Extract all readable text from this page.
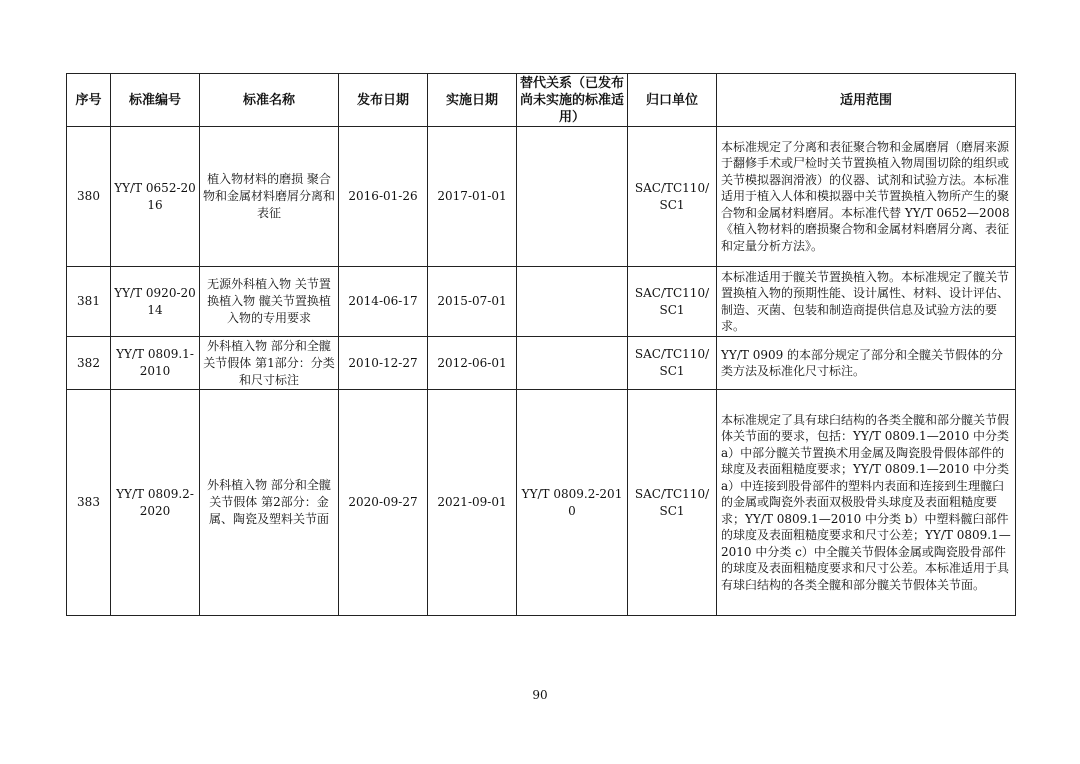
序号	标准编号	标准名称	发布日期	实施日期	替代关系（已发布尚未实施的标准适用）	归口单位	适用范围
380	YY/T 0652-2016	植入物材料的磨损 聚合物和金属材料磨屑分离和表征	2016-01-26	2017-01-01		SAC/TC110/SC1	本标准规定了分离和表征聚合物和金属磨屑（磨屑来源于翻修手术或尸检时关节置换植入物周围切除的组织或关节模拟器润滑液）的仪器、试剂和试验方法。本标准适用于植入人体和模拟器中关节置换植入物所产生的聚合物和金属材料磨屑。本标准代替 YY/T 0652—2008《植入物材料的磨损聚合物和金属材料磨屑分离、表征和定量分析方法》。
381	YY/T 0920-2014	无源外科植入物 关节置换植入物 髋关节置换植入物的专用要求	2014-06-17	2015-07-01		SAC/TC110/SC1	本标准适用于髋关节置换植入物。本标准规定了髋关节置换植入物的预期性能、设计属性、材料、设计评估、制造、灭菌、包装和制造商提供信息及试验方法的要求。
382	YY/T 0809.1-2010	外科植入物 部分和全髋关节假体 第1部分：分类和尺寸标注	2010-12-27	2012-06-01		SAC/TC110/SC1	YY/T 0909 的本部分规定了部分和全髋关节假体的分类方法及标准化尺寸标注。
383	YY/T 0809.2-2020	外科植入物 部分和全髋关节假体 第2部分：金属、陶瓷及塑料关节面	2020-09-27	2021-09-01	YY/T 0809.2-2010	SAC/TC110/SC1	本标准规定了具有球臼结构的各类全髋和部分髋关节假体关节面的要求，包括：YY/T 0809.1—2010 中分类 a）中部分髋关节置换术用金属及陶瓷股骨假体部件的球度及表面粗糙度要求；YY/T 0809.1—2010 中分类 a）中连接到股骨部件的塑料内表面和连接到生理髋臼的金属或陶瓷外表面双极股骨头球度及表面粗糙度要求；YY/T 0809.1—2010 中分类 b）中塑料髋臼部件的球度及表面粗糙度要求和尺寸公差；YY/T 0809.1—2010 中分类 c）中全髋关节假体金属或陶瓷股骨部件的球度及表面粗糙度要求和尺寸公差。本标准适用于具有球臼结构的各类全髋和部分髋关节假体关节面。
90
